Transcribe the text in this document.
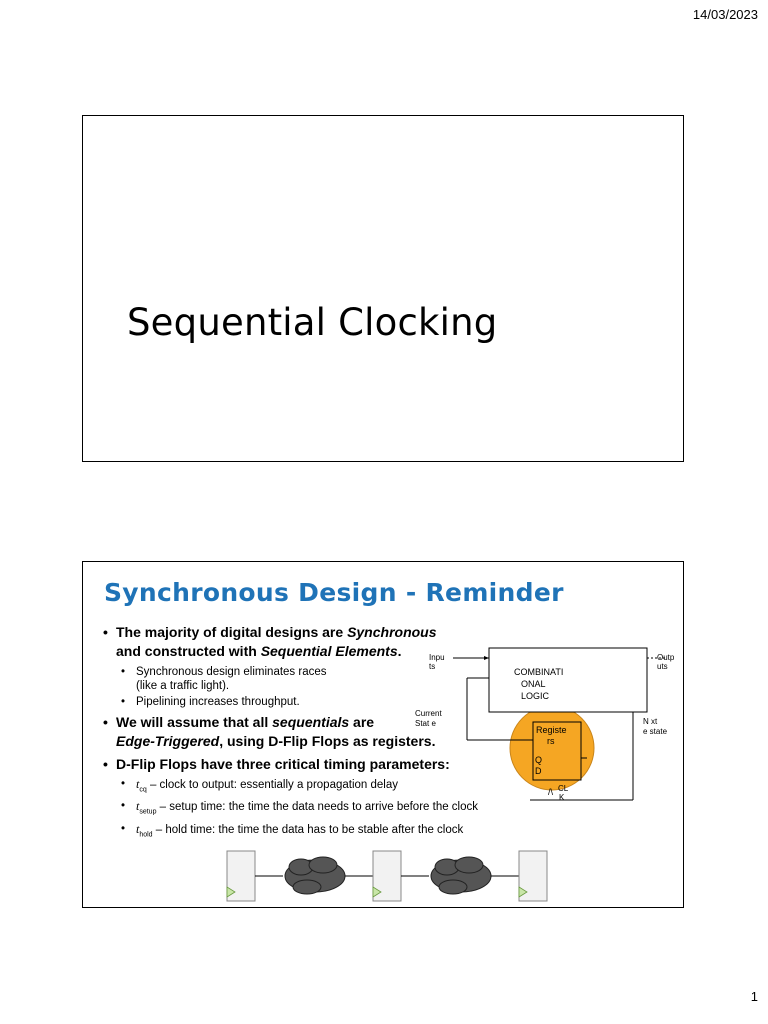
14/03/2023
Sequential Clocking
Synchronous Design - Reminder
• The majority of digital designs are Synchronous
and constructed with Sequential Elements.
• Synchronous design eliminates races
(like a traffic light).
• Pipelining increases throughput.
• We will assume that all sequentials are
Edge-Triggered, using D-Flip Flops as registers.
• D-Flip Flops have three critical timing parameters:
• $t_{cq}$ – clock to output: essentially a propagation delay
• $t_{setup}$ – setup time: the time the data needs to arrive before the clock
• $t_{hold}$ – hold time: the time the data has to be stable after the clock
Inpu
ts
Outp
uts
COMBINATI
ONAL
LOGIC
Current
Stat e	N xt
e state
Registe
rs
Q
D
/\ CL
K
1
